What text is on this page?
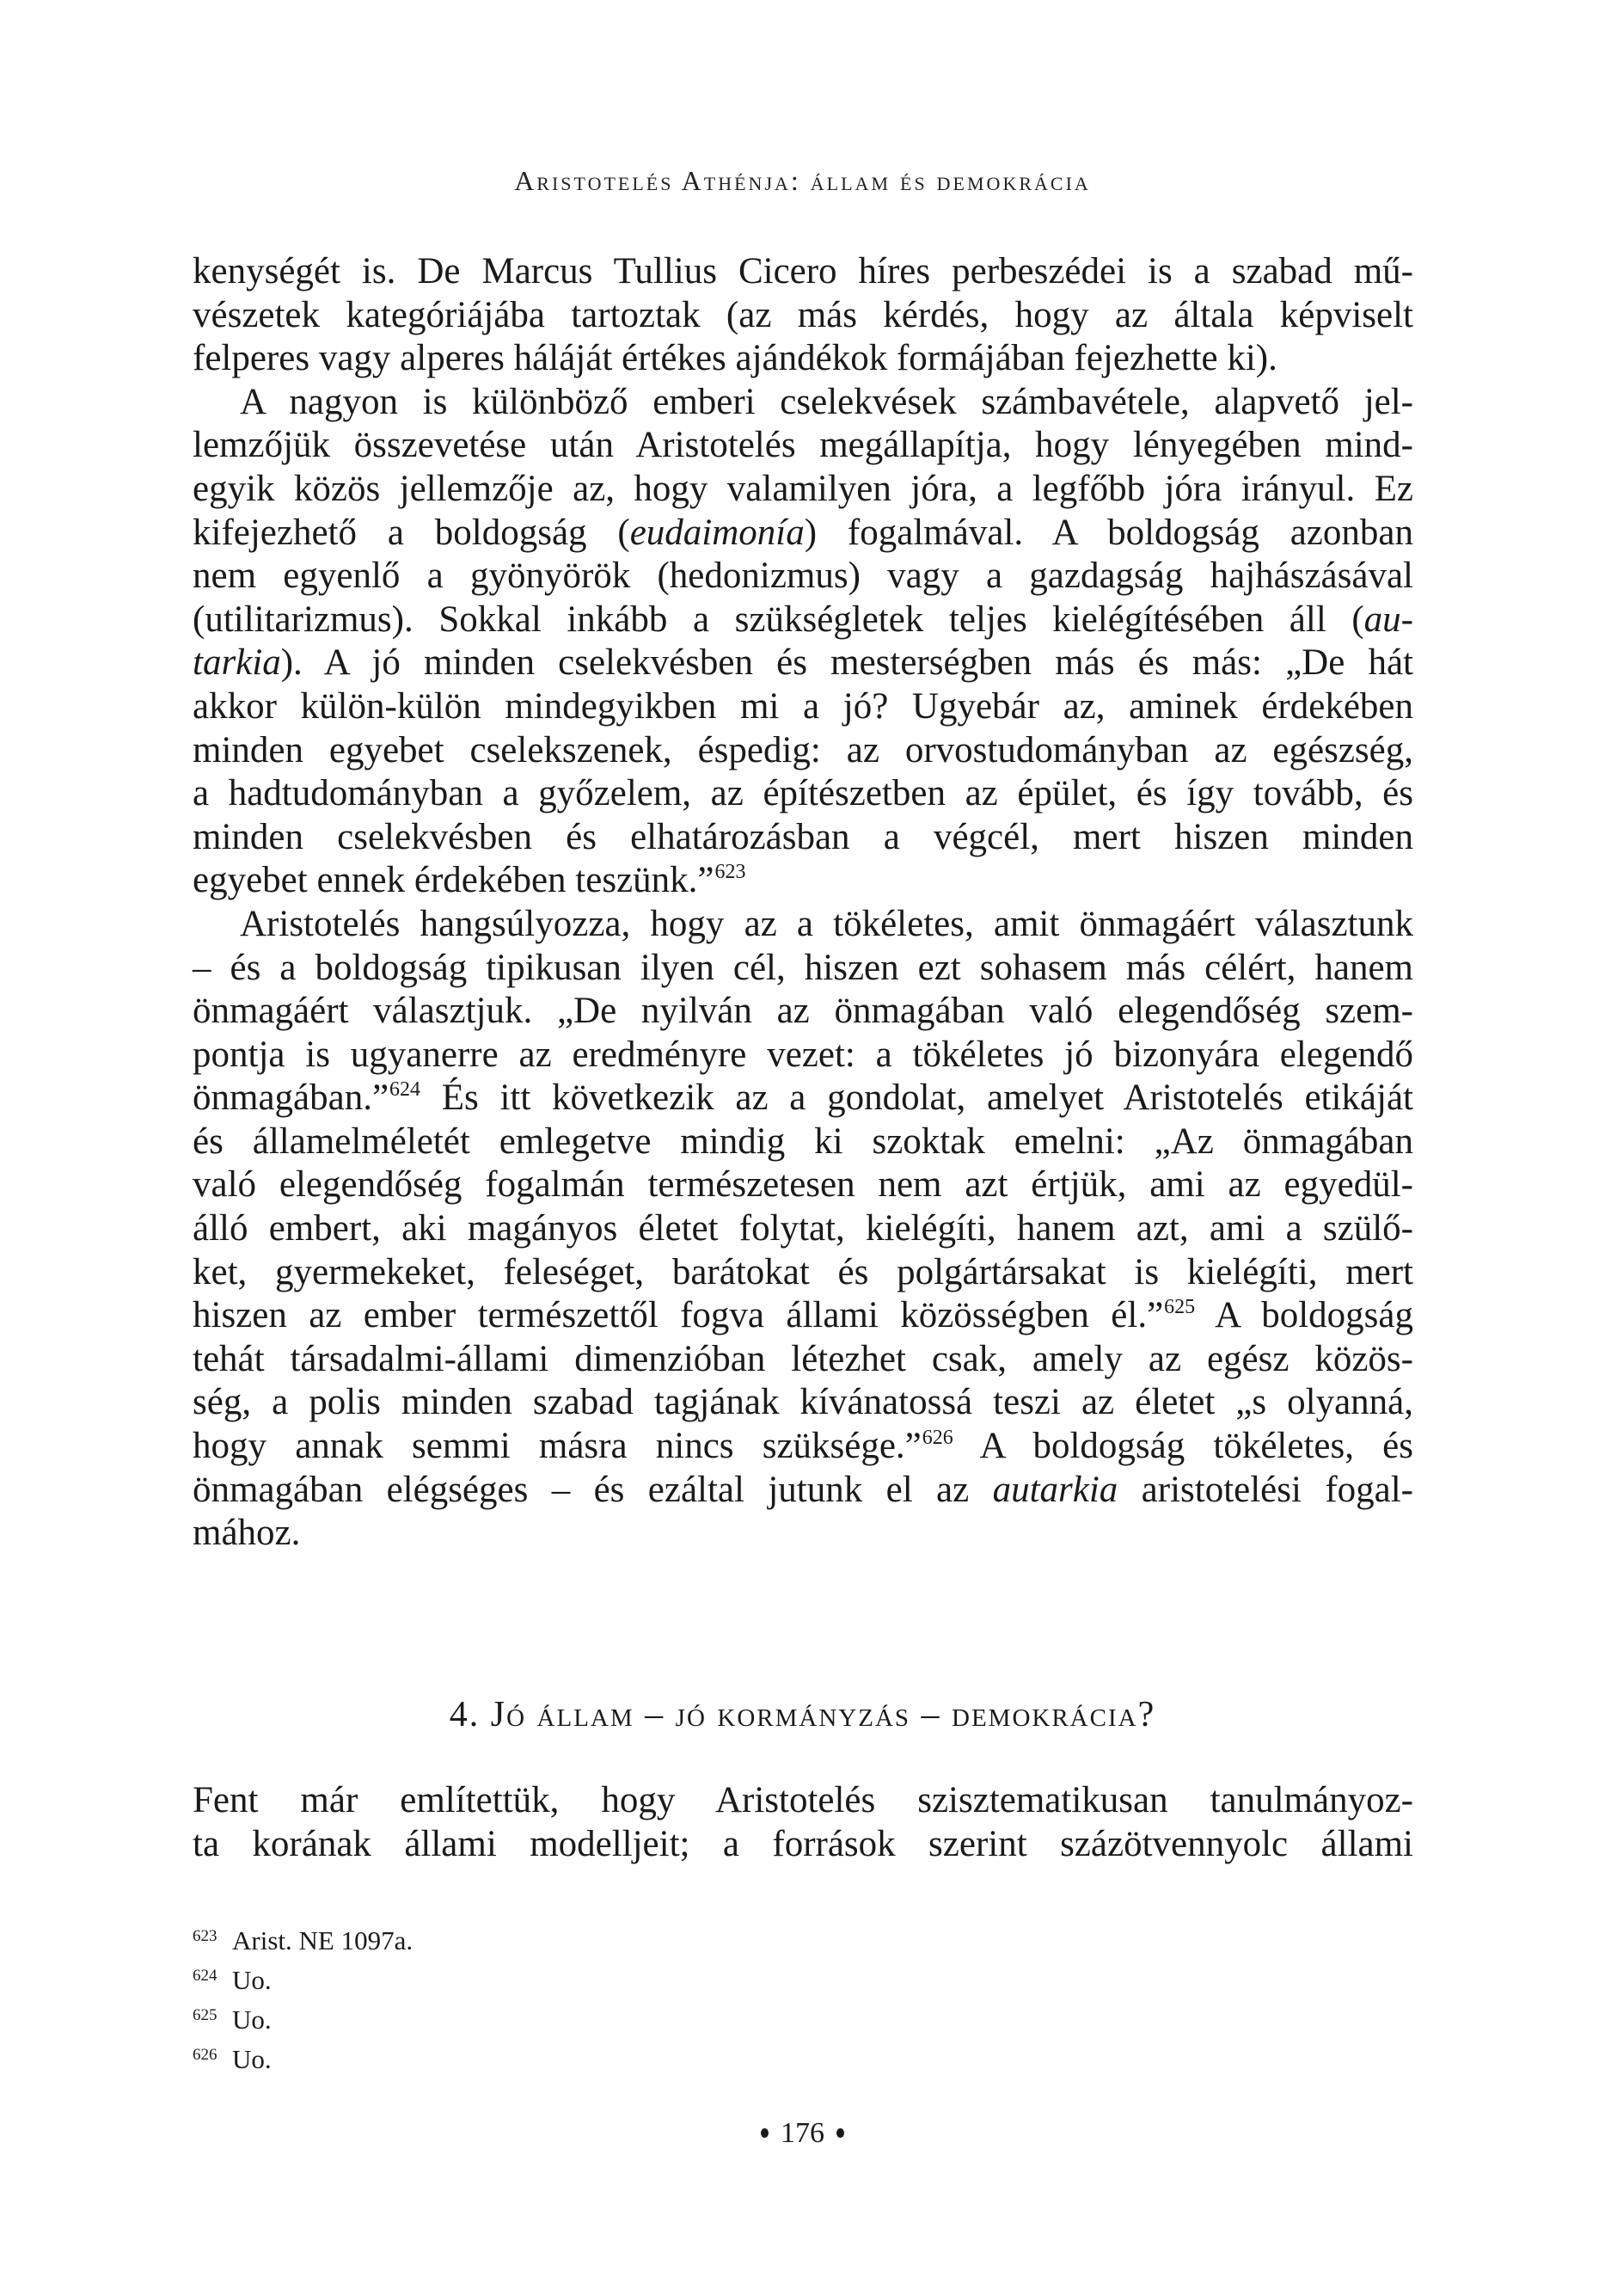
Aristotelés Athénja: állam és demokrácia
kenységét is. De Marcus Tullius Cicero híres perbeszédei is a szabad mű-
vészetek kategóriájába tartoztak (az más kérdés, hogy az általa képviselt
felperes vagy alperes háláját értékes ajándékok formájában fejezhette ki).
A nagyon is különböző emberi cselekvések számbavétele, alapvető jel-
lemzőjük összevetése után Aristotelés megállapítja, hogy lényegében mind-
egyik közös jellemzője az, hogy valamilyen jóra, a legfőbb jóra irányul. Ez
kifejezhető a boldogság (eudaimonía) fogalmával. A boldogság azonban
nem egyenlő a gyönyörök (hedonizmus) vagy a gazdagság hajhászásával
(utilitarizmus). Sokkal inkább a szükségletek teljes kielégítésében áll (au-
tarkia). A jó minden cselekvésben és mesterségben más és más: „De hát
akkor külön-külön mindegyikben mi a jó? Ugyebár az, aminek érdekében
minden egyebet cselekszenek, éspedig: az orvostudományban az egészség,
a hadtudományban a győzelem, az építészetben az épület, és így tovább, és
minden cselekvésben és elhatározásban a végcél, mert hiszen minden
egyebet ennek érdekében teszünk.”$^{623}$
Aristotelés hangsúlyozza, hogy az a tökéletes, amit önmagáért választunk
– és a boldogság tipikusan ilyen cél, hiszen ezt sohasem más célért, hanem
önmagáért választjuk. „De nyilván az önmagában való elegendőség szem-
pontja is ugyanerre az eredményre vezet: a tökéletes jó bizonyára elegendő
önmagában.”$^{624}$ És itt következik az a gondolat, amelyet Aristotelés etikáját
és államelméletét emlegetve mindig ki szoktak emelni: „Az önmagában
való elegendőség fogalmán természetesen nem azt értjük, ami az egyedül-
álló embert, aki magányos életet folytat, kielégíti, hanem azt, ami a szülő-
ket, gyermekeket, feleséget, barátokat és polgártársakat is kielégíti, mert
hiszen az ember természettől fogva állami közösségben él.”$^{625}$ A boldogság
tehát társadalmi-állami dimenzióban létezhet csak, amely az egész közös-
ség, a polis minden szabad tagjának kívánatossá teszi az életet „s olyanná,
hogy annak semmi másra nincs szüksége.”$^{626}$ A boldogság tökéletes, és
önmagában elégséges – és ezáltal jutunk el az autarkia aristotelési fogal-
mához.
4. Jó állam – jó kormányzás – demokrácia?
Fent már említettük, hogy Aristotelés szisztematikusan tanulmányoz-
ta korának állami modelljeit; a források szerint százötvennyolc állami
623 Arist. NE 1097a.
624 Uo.
625 Uo.
626 Uo.
176
